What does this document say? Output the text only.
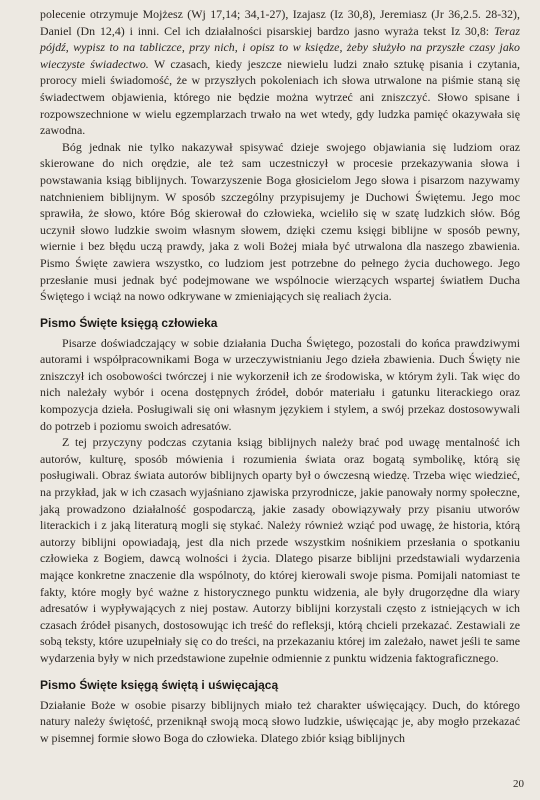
polecenie otrzymuje Mojżesz (Wj 17,14; 34,1-27), Izajasz (Iz 30,8), Jeremiasz (Jr 36,2.5. 28-32), Daniel (Dn 12,4) i inni. Cel ich działalności pisarskiej bardzo jasno wyraża tekst Iz 30,8: Teraz pójdź, wypisz to na tabliczce, przy nich, i opisz to w księdze, żeby służyło na przyszłe czasy jako wieczyste świadectwo. W czasach, kiedy jeszcze niewielu ludzi znało sztukę pisania i czytania, prorocy mieli świadomość, że w przyszłych pokoleniach ich słowa utrwalone na piśmie staną się świadectwem objawienia, którego nie będzie można wytrzeć ani zniszczyć. Słowo spisane i rozpowszechnione w wielu egzemplarzach trwało na wet wtedy, gdy ludzka pamięć okazywała się zawodna.

Bóg jednak nie tylko nakazywał spisywać dzieje swojego objawiania się ludziom oraz skierowane do nich orędzie, ale też sam uczestniczył w procesie przekazywania słowa i powstawania ksiąg biblijnych. Towarzyszenie Boga głosicielom Jego słowa i pisarzom nazywamy natchnieniem biblijnym. W sposób szczególny przypisujemy je Duchowi Świętemu. Jego moc sprawiła, że słowo, które Bóg skierował do człowieka, wcieliło się w szatę ludzkich słów. Bóg uczynił słowo ludzkie swoim własnym słowem, dzięki czemu księgi biblijne w sposób pewny, wiernie i bez błędu uczą prawdy, jaka z woli Bożej miała być utrwalona dla naszego zbawienia. Pismo Święte zawiera wszystko, co ludziom jest potrzebne do pełnego życia duchowego. Jego przesłanie musi jednak być podejmowane we wspólnocie wierzących wspartej światłem Ducha Świętego i wciąż na nowo odkrywane w zmieniających się realiach życia.

Pismo Święte księgą człowieka

Pisarze doświadczający w sobie działania Ducha Świętego, pozostali do końca prawdziwymi autorami i współpracownikami Boga w urzeczywistnianiu Jego dzieła zbawienia. Duch Święty nie zniszczył ich osobowości twórczej i nie wykorzenił ich ze środowiska, w którym żyli. Tak więc do nich należały wybór i ocena dostępnych źródeł, dobór materiału i gatunku literackiego oraz kompozycja dzieła. Posługiwali się oni własnym językiem i stylem, a swój przekaz dostosowywali do potrzeb i poziomu swoich adresatów.

Z tej przyczyny podczas czytania ksiąg biblijnych należy brać pod uwagę mentalność ich autorów, kulturę, sposób mówienia i rozumienia świata oraz bogatą symbolikę, którą się posługiwali. Obraz świata autorów biblijnych oparty był o ówczesną wiedzę. Trzeba więc wiedzieć, na przykład, jak w ich czasach wyjaśniano zjawiska przyrodnicze, jakie panowały normy społeczne, jaką prowadzono działalność gospodarczą, jakie zasady obowiązywały przy pisaniu utworów literackich i z jaką literaturą mogli się stykać. Należy również wziąć pod uwagę, że historia, którą autorzy biblijni opowiadają, jest dla nich przede wszystkim nośnikiem przesłania o spotkaniu człowieka z Bogiem, dawcą wolności i życia. Dlatego pisarze biblijni przedstawiali wydarzenia mające konkretne znaczenie dla wspólnoty, do której kierowali swoje pisma. Pomijali natomiast te fakty, które mogły być ważne z historycznego punktu widzenia, ale były drugorzędne dla wiary adresatów i wypływających z niej postaw. Autorzy biblijni korzystali często z istniejących w ich czasach źródeł pisanych, dostosowując ich treść do refleksji, którą chcieli przekazać. Zestawiali ze sobą teksty, które uzupełniały się co do treści, na przekazaniu której im zależało, nawet jeśli te same wydarzenia były w nich przedstawione zupełnie odmiennie z punktu widzenia faktograficznego.

Pismo Święte księgą świętą i uświęcającą

Działanie Boże w osobie pisarzy biblijnych miało też charakter uświęcający. Duch, do którego natury należy świętość, przeniknął swoją mocą słowo ludzkie, uświęcając je, aby mogło przekazać w pisemnej formie słowo Boga do człowieka. Dlatego zbiór ksiąg biblijnych

20
